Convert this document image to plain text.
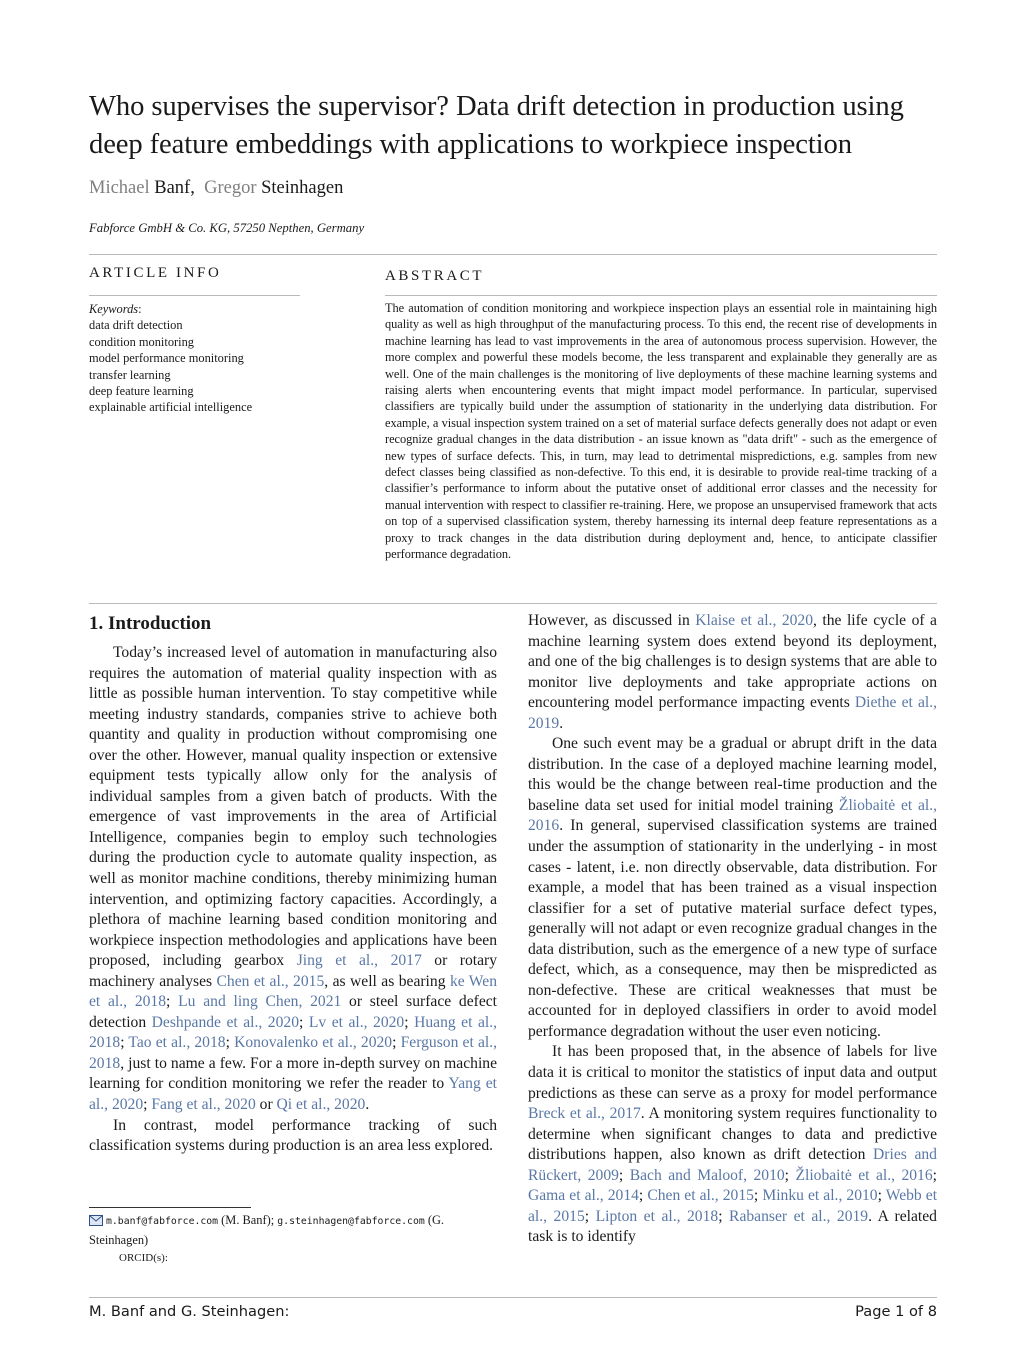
Who supervises the supervisor? Data drift detection in production using deep feature embeddings with applications to workpiece inspection
Michael Banf, Gregor Steinhagen
Fabforce GmbH & Co. KG, 57250 Nepthen, Germany
ARTICLE INFO
Keywords:
data drift detection
condition monitoring
model performance monitoring
transfer learning
deep feature learning
explainable artificial intelligence
ABSTRACT
The automation of condition monitoring and workpiece inspection plays an essential role in maintaining high quality as well as high throughput of the manufacturing process. To this end, the recent rise of developments in machine learning has lead to vast improvements in the area of autonomous process supervision. However, the more complex and powerful these models become, the less transparent and explainable they generally are as well. One of the main challenges is the monitoring of live deployments of these machine learning systems and raising alerts when encountering events that might impact model performance. In particular, supervised classifiers are typically build under the assumption of stationarity in the underlying data distribution. For example, a visual inspection system trained on a set of material surface defects generally does not adapt or even recognize gradual changes in the data distribution - an issue known as "data drift" - such as the emergence of new types of surface defects. This, in turn, may lead to detrimental mispredictions, e.g. samples from new defect classes being classified as non-defective. To this end, it is desirable to provide real-time tracking of a classifier’s performance to inform about the putative onset of additional error classes and the necessity for manual intervention with respect to classifier re-training. Here, we propose an unsupervised framework that acts on top of a supervised classification system, thereby harnessing its internal deep feature representations as a proxy to track changes in the data distribution during deployment and, hence, to anticipate classifier performance degradation.
1. Introduction

Today’s increased level of automation in manufacturing also requires the automation of material quality inspection with as little as possible human intervention. To stay competitive while meeting industry standards, companies strive to achieve both quantity and quality in production without compromising one over the other. However, manual quality inspection or extensive equipment tests typically allow only for the analysis of individual samples from a given batch of products. With the emergence of vast improvements in the area of Artificial Intelligence, companies begin to employ such technologies during the production cycle to automate quality inspection, as well as monitor machine conditions, thereby minimizing human intervention, and optimizing factory capacities. Accordingly, a plethora of machine learning based condition monitoring and workpiece inspection methodologies and applications have been proposed, including gearbox Jing et al., 2017 or rotary machinery analyses Chen et al., 2015, as well as bearing ke Wen et al., 2018; Lu and ling Chen, 2021 or steel surface defect detection Deshpande et al., 2020; Lv et al., 2020; Huang et al., 2018; Tao et al., 2018; Konovalenko et al., 2020; Ferguson et al., 2018, just to name a few. For a more in-depth survey on machine learning for condition monitoring we refer the reader to Yang et al., 2020; Fang et al., 2020 or Qi et al., 2020.

In contrast, model performance tracking of such classification systems during production is an area less explored.

However, as discussed in Klaise et al., 2020, the life cycle of a machine learning system does extend beyond its deployment, and one of the big challenges is to design systems that are able to monitor live deployments and take appropriate actions on encountering model performance impacting events Diethe et al., 2019.

One such event may be a gradual or abrupt drift in the data distribution. In the case of a deployed machine learning model, this would be the change between real-time production and the baseline data set used for initial model training Žliobaitė et al., 2016. In general, supervised classification systems are trained under the assumption of stationarity in the underlying - in most cases - latent, i.e. non directly observable, data distribution. For example, a model that has been trained as a visual inspection classifier for a set of putative material surface defect types, generally will not adapt or even recognize gradual changes in the data distribution, such as the emergence of a new type of surface defect, which, as a consequence, may then be mispredicted as non-defective. These are critical weaknesses that must be accounted for in deployed classifiers in order to avoid model performance degradation without the user even noticing.

It has been proposed that, in the absence of labels for live data it is critical to monitor the statistics of input data and output predictions as these can serve as a proxy for model performance Breck et al., 2017. A monitoring system requires functionality to determine when significant changes to data and predictive distributions happen, also known as drift detection Dries and Rückert, 2009; Bach and Maloof, 2010; Žliobaitė et al., 2016; Gama et al., 2014; Chen et al., 2015; Minku et al., 2010; Webb et al., 2015; Lipton et al., 2018; Rabanser et al., 2019. A related task is to identify

m.banf@fabforce.com (M. Banf); g.steinhagen@fabforce.com (G. Steinhagen)
ORCID(s):
M. Banf and G. Steinhagen:	Page 1 of 8
